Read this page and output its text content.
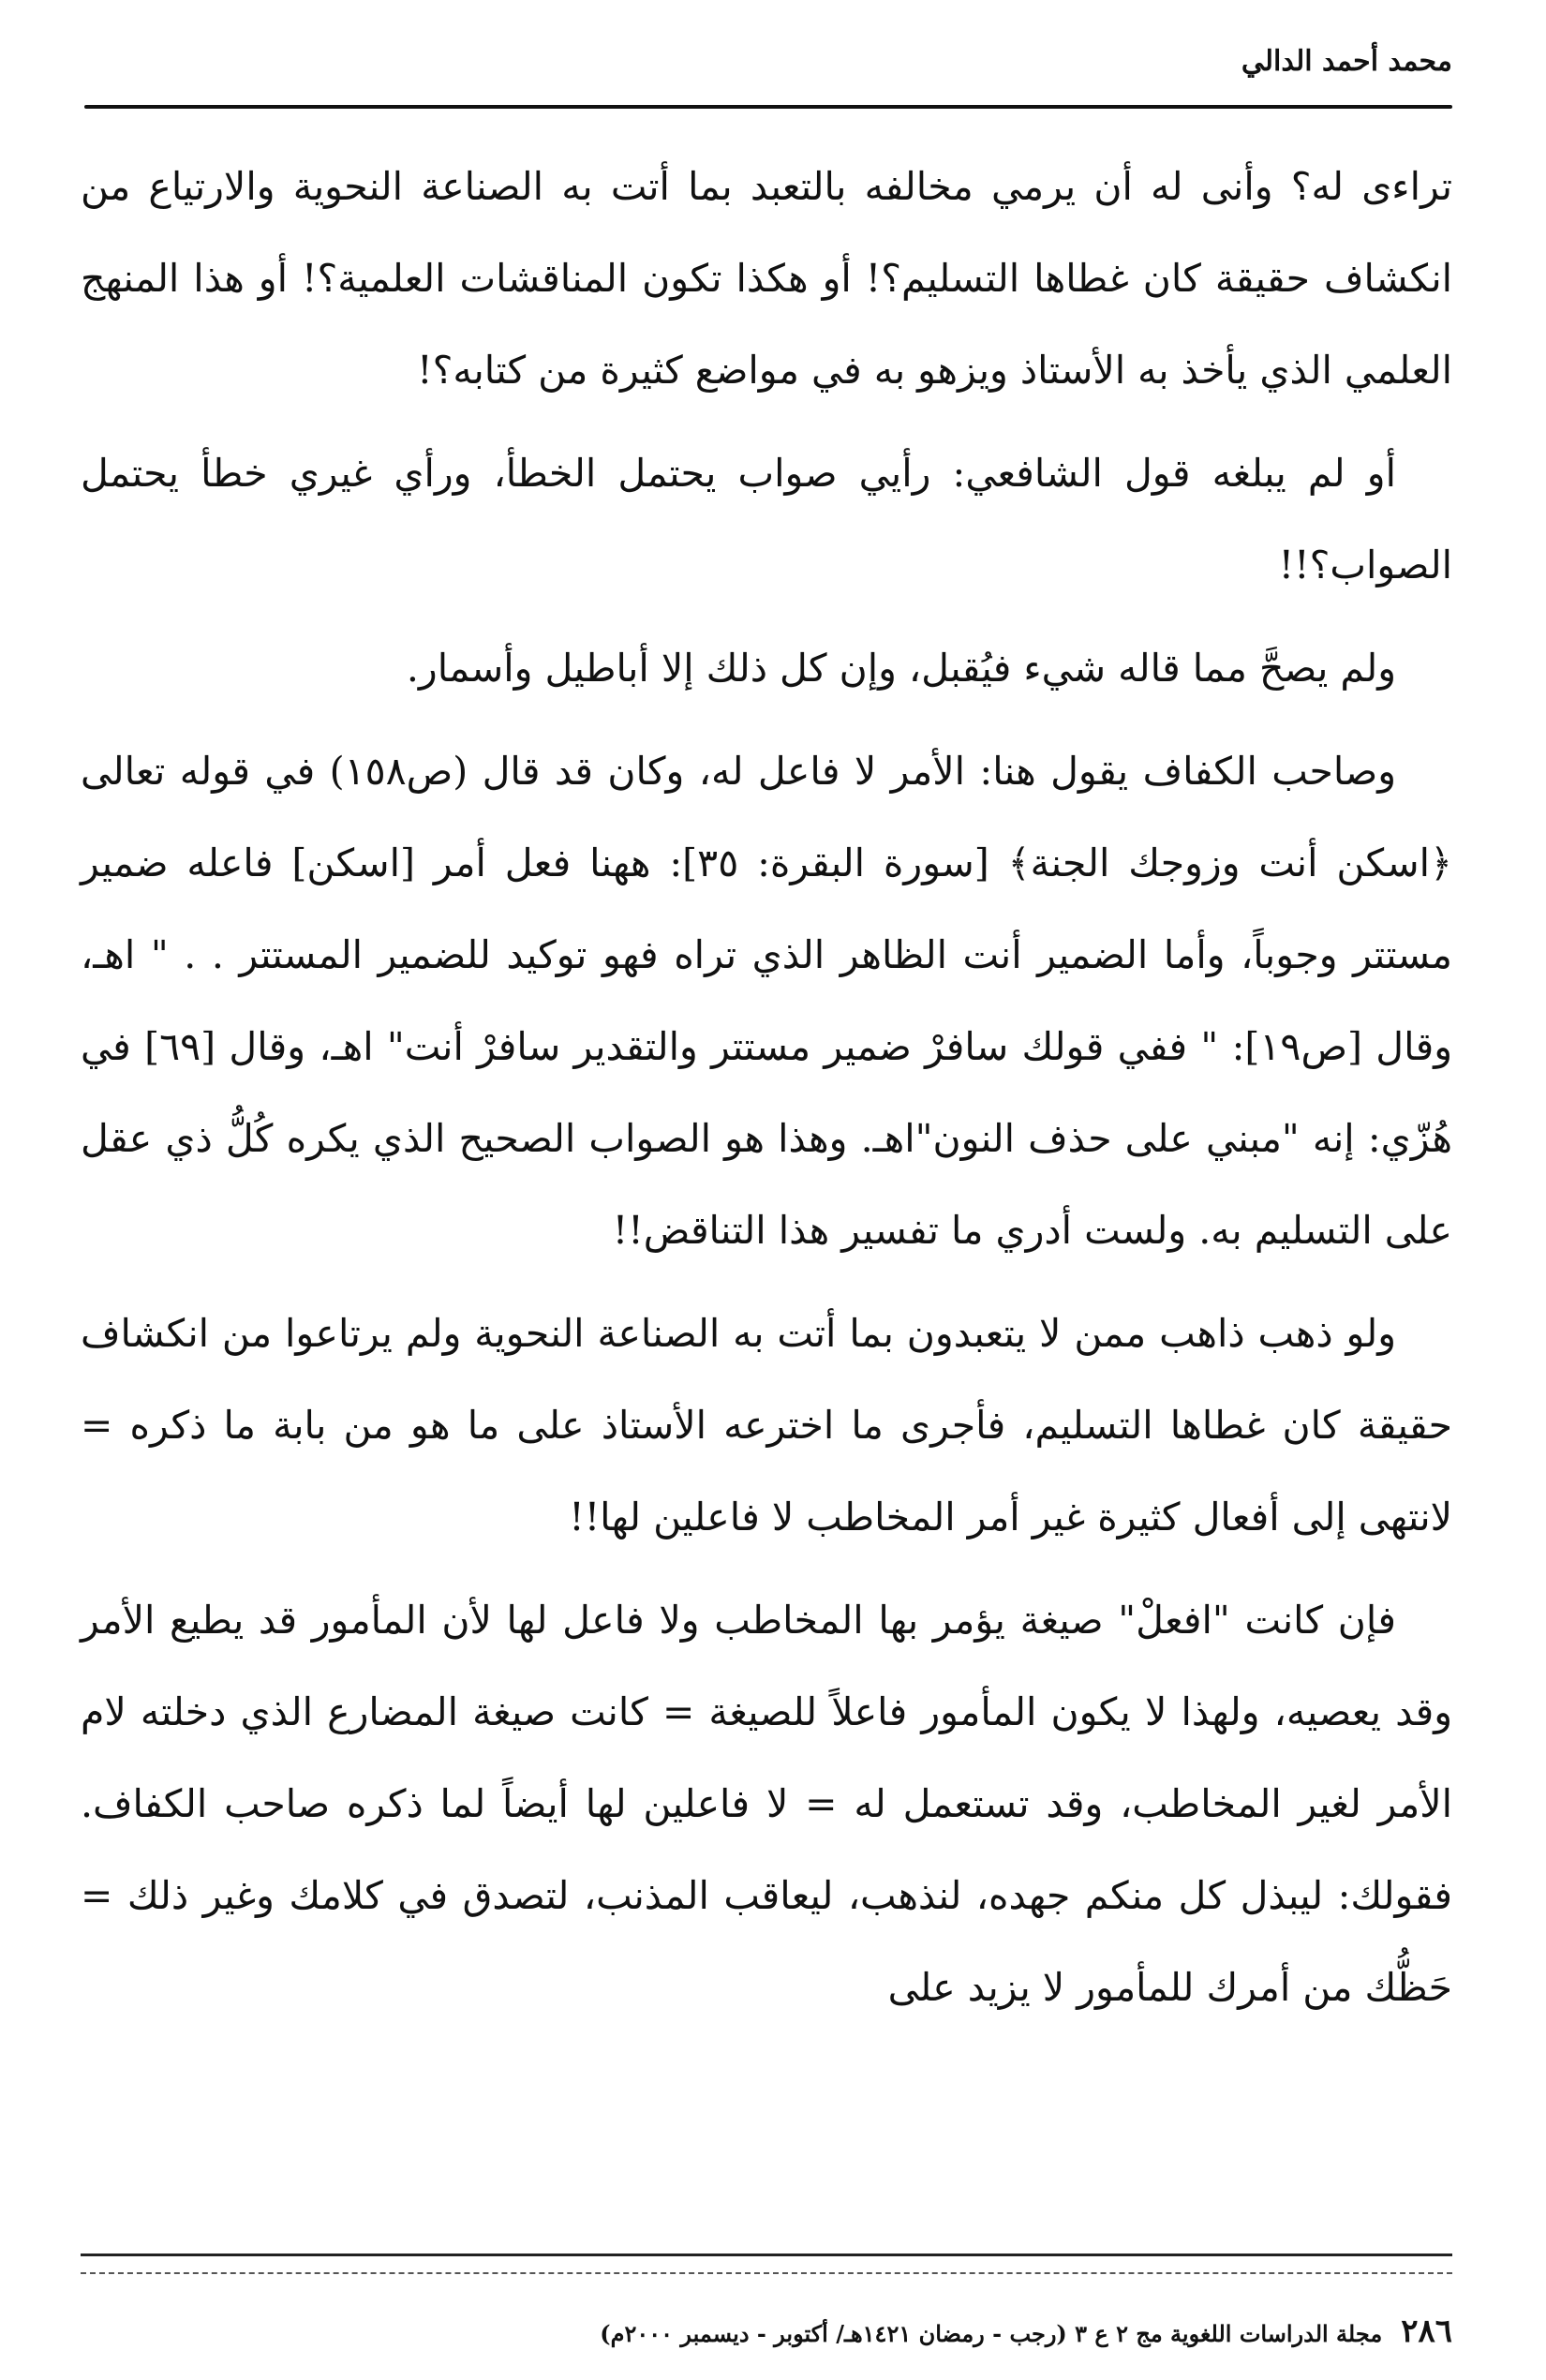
محمد أحمد الدالي

تراءى له؟ وأنى له أن يرمي مخالفه بالتعبد بما أتت به الصناعة النحوية والارتياع من انكشاف حقيقة كان غطاها التسليم؟! أو هكذا تكون المناقشات العلمية؟! أو هذا المنهج العلمي الذي يأخذ به الأستاذ ويزهو به في مواضع كثيرة من كتابه؟!

أو لم يبلغه قول الشافعي: رأيي صواب يحتمل الخطأ، ورأي غيري خطأ يحتمل الصواب؟!!

ولم يصحَّ مما قاله شيء فيُقبل، وإن كل ذلك إلا أباطيل وأسمار.

وصاحب الكفاف يقول هنا: الأمر لا فاعل له، وكان قد قال (ص١٥٨) في قوله تعالى ﴿اسكن أنت وزوجك الجنة﴾ [سورة البقرة: ٣٥]: ههنا فعل أمر [اسكن] فاعله ضمير مستتر وجوباً، وأما الضمير أنت الظاهر الذي تراه فهو توكيد للضمير المستتر . . " اهـ، وقال [ص١٩]: " ففي قولك سافرْ ضمير مستتر والتقدير سافرْ أنت" اهـ، وقال [٦٩] في هُزّي: إنه "مبني على حذف النون"اهـ. وهذا هو الصواب الصحيح الذي يكره كُلُّ ذي عقل على التسليم به. ولست أدري ما تفسير هذا التناقض!!

ولو ذهب ذاهب ممن لا يتعبدون بما أتت به الصناعة النحوية ولم يرتاعوا من انكشاف حقيقة كان غطاها التسليم، فأجرى ما اخترعه الأستاذ على ما هو من بابة ما ذكره = لانتهى إلى أفعال كثيرة غير أمر المخاطب لا فاعلين لها!!

فإن كانت "افعلْ" صيغة يؤمر بها المخاطب ولا فاعل لها لأن المأمور قد يطيع الأمر وقد يعصيه، ولهذا لا يكون المأمور فاعلاً للصيغة = كانت صيغة المضارع الذي دخلته لام الأمر لغير المخاطب، وقد تستعمل له = لا فاعلين لها أيضاً لما ذكره صاحب الكفاف. فقولك: ليبذل كل منكم جهده، لنذهب، ليعاقب المذنب، لتصدق في كلامك وغير ذلك = حَظُّك من أمرك للمأمور لا يزيد على

٢٨٦
مجلة الدراسات اللغوية مج ٢ ع ٣ (رجب - رمضان ١٤٢١هـ/ أكتوبر - ديسمبر ٢٠٠٠م)
